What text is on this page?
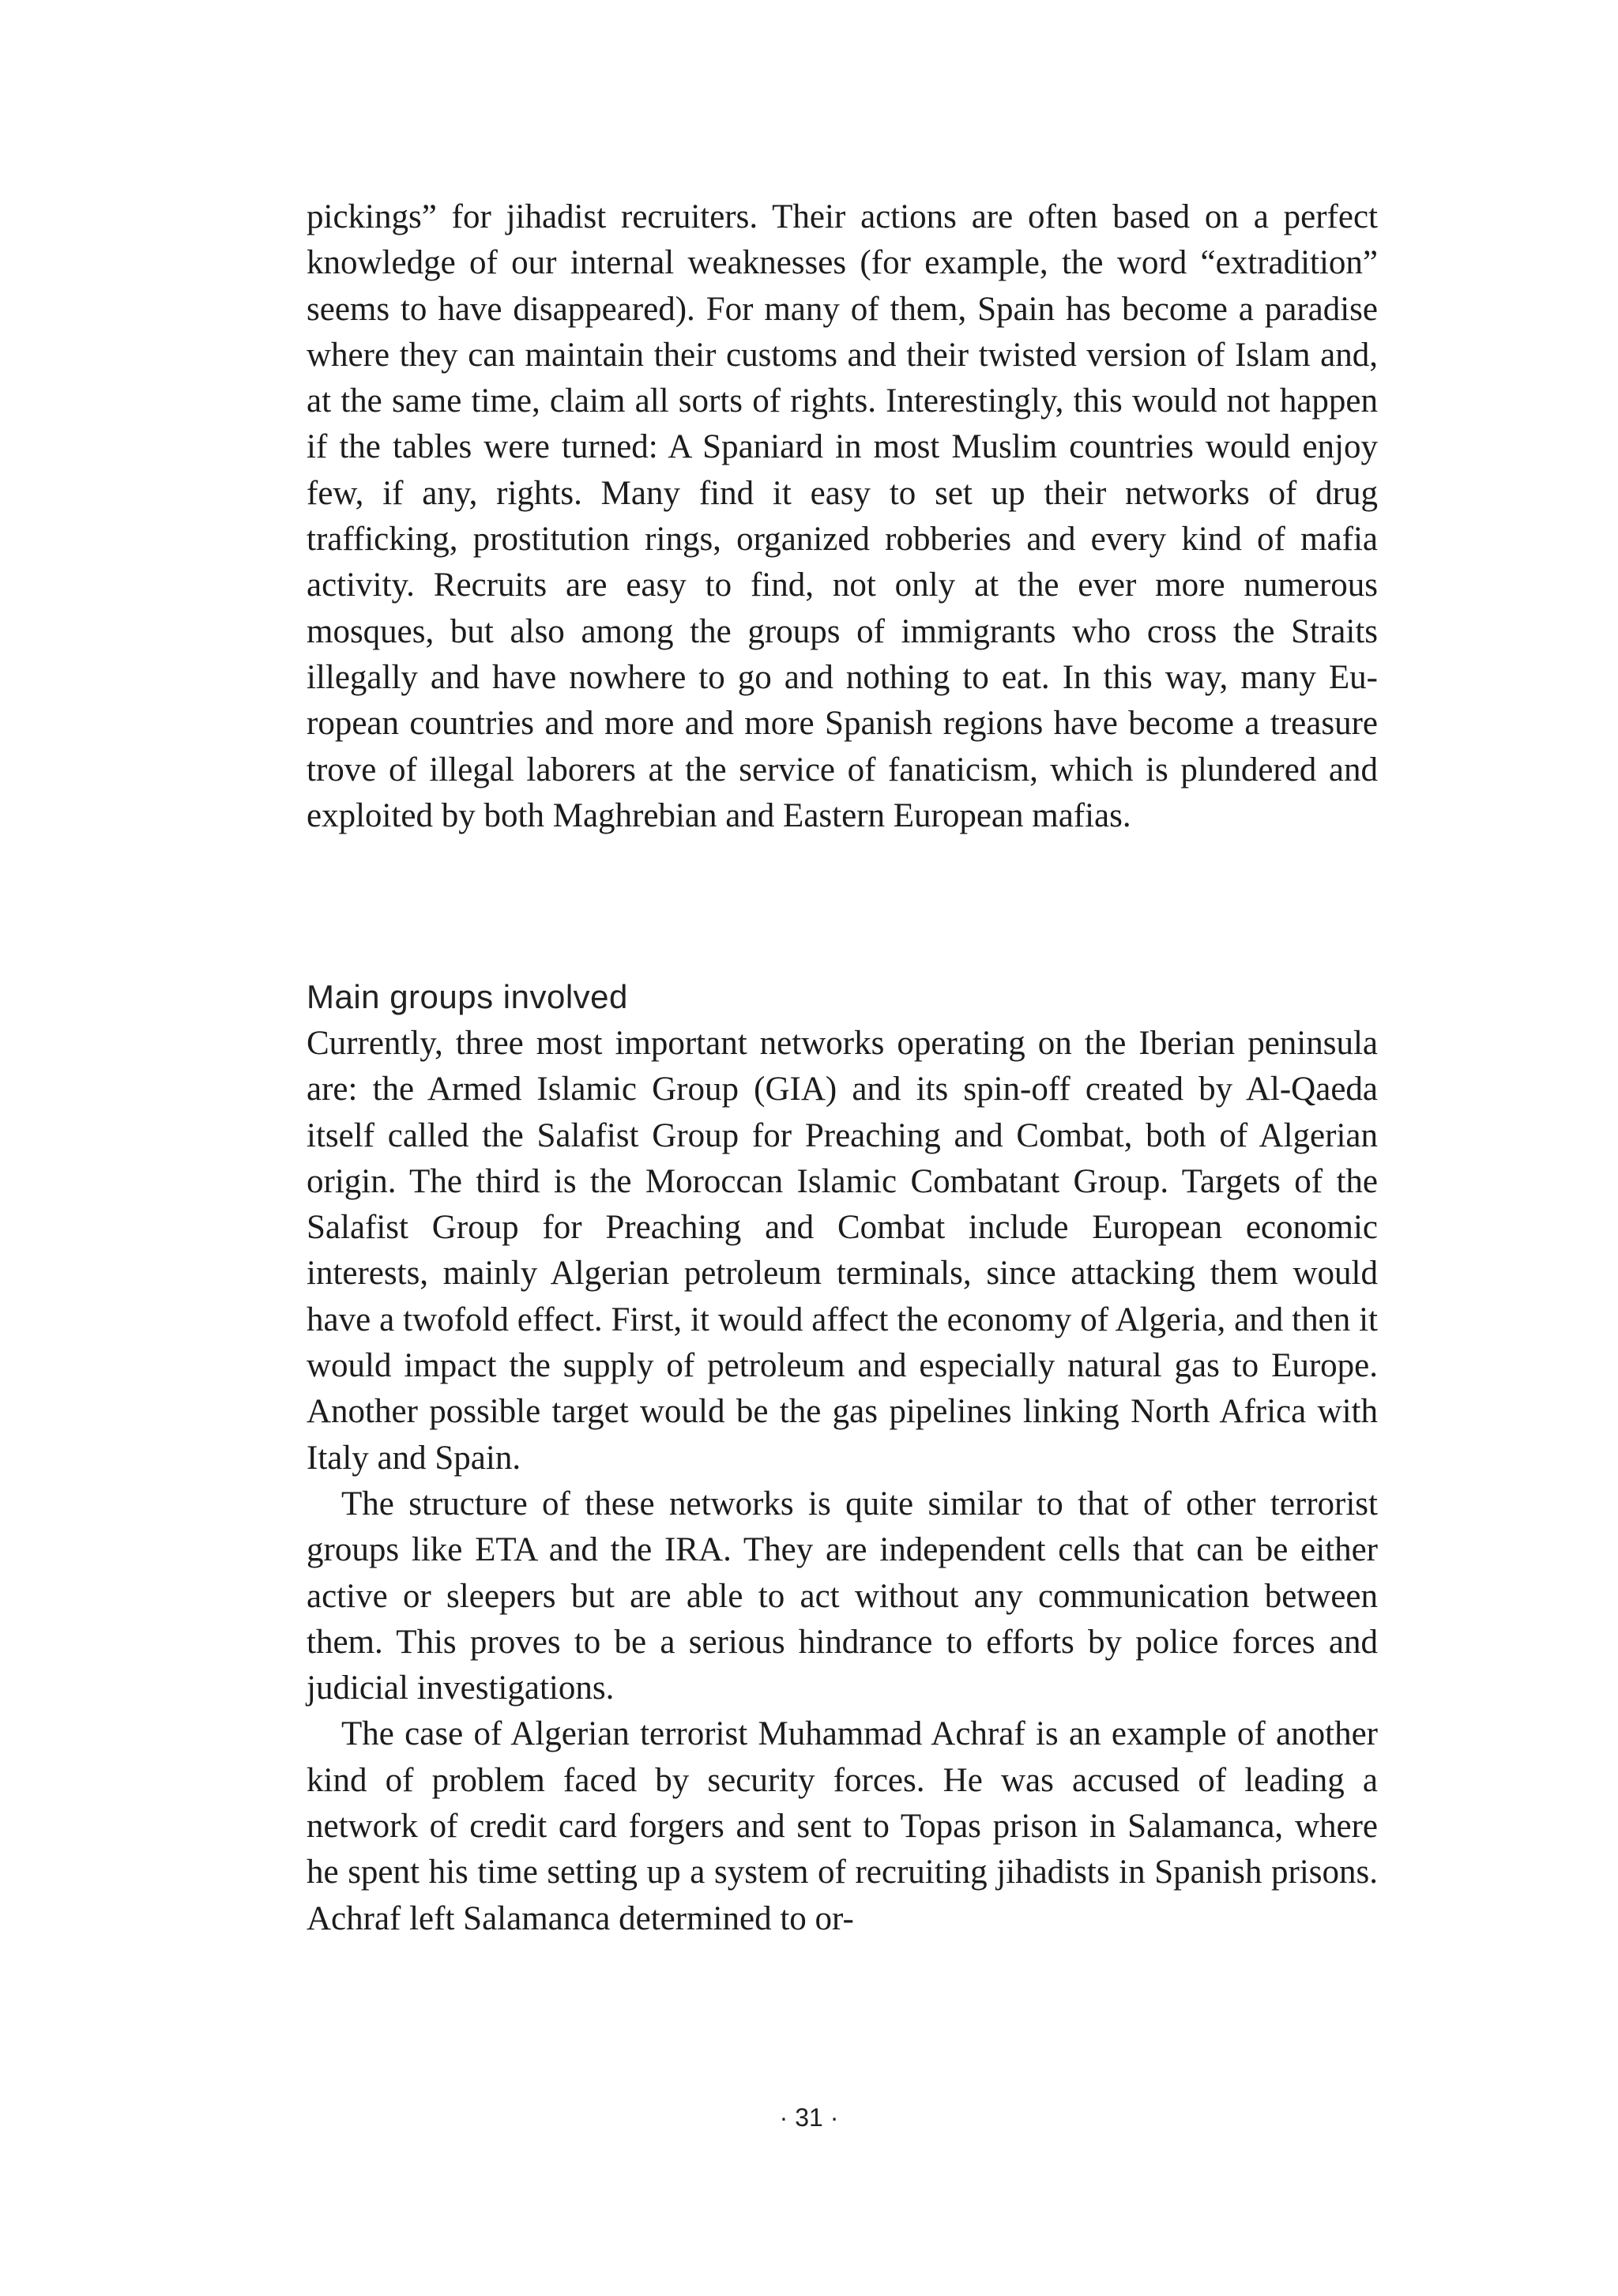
pickings” for jihadist recruiters. Their actions are often based on a perfect knowledge of our internal weaknesses (for example, the word “extradition” seems to have disappeared). For many of them, Spain has become a paradise where they can maintain their customs and their twisted version of Islam and, at the same time, claim all sorts of rights. Interestingly, this would not happen if the tables were turned: A Spaniard in most Muslim countries would enjoy few, if any, rights. Many find it easy to set up their networks of drug trafficking, prostitution rings, organized robberies and every kind of mafia activity. Recruits are easy to find, not only at the ever more numerous mosques, but also among the groups of immigrants who cross the Straits illegally and have nowhere to go and nothing to eat. In this way, many European countries and more and more Spanish regions have become a treasure trove of illegal laborers at the service of fanaticism, which is plundered and exploited by both Maghrebian and Eastern European mafias.

Main groups involved

Currently, three most important networks operating on the Iberian peninsula are: the Armed Islamic Group (GIA) and its spin-off created by Al-Qaeda itself called the Salafist Group for Preaching and Combat, both of Algerian origin. The third is the Moroccan Islamic Combatant Group. Targets of the Salafist Group for Preaching and Combat include European economic interests, mainly Algerian petroleum terminals, since attacking them would have a twofold effect. First, it would affect the economy of Algeria, and then it would impact the supply of petroleum and especially natural gas to Europe. Another possible target would be the gas pipelines linking North Africa with Italy and Spain.

The structure of these networks is quite similar to that of other terrorist groups like ETA and the IRA. They are independent cells that can be either active or sleepers but are able to act without any communication between them. This proves to be a serious hindrance to efforts by police forces and judicial investigations.

The case of Algerian terrorist Muhammad Achraf is an example of another kind of problem faced by security forces. He was accused of leading a network of credit card forgers and sent to Topas prison in Salamanca, where he spent his time setting up a system of recruiting jihadists in Spanish prisons. Achraf left Salamanca determined to or-

· 31 ·
